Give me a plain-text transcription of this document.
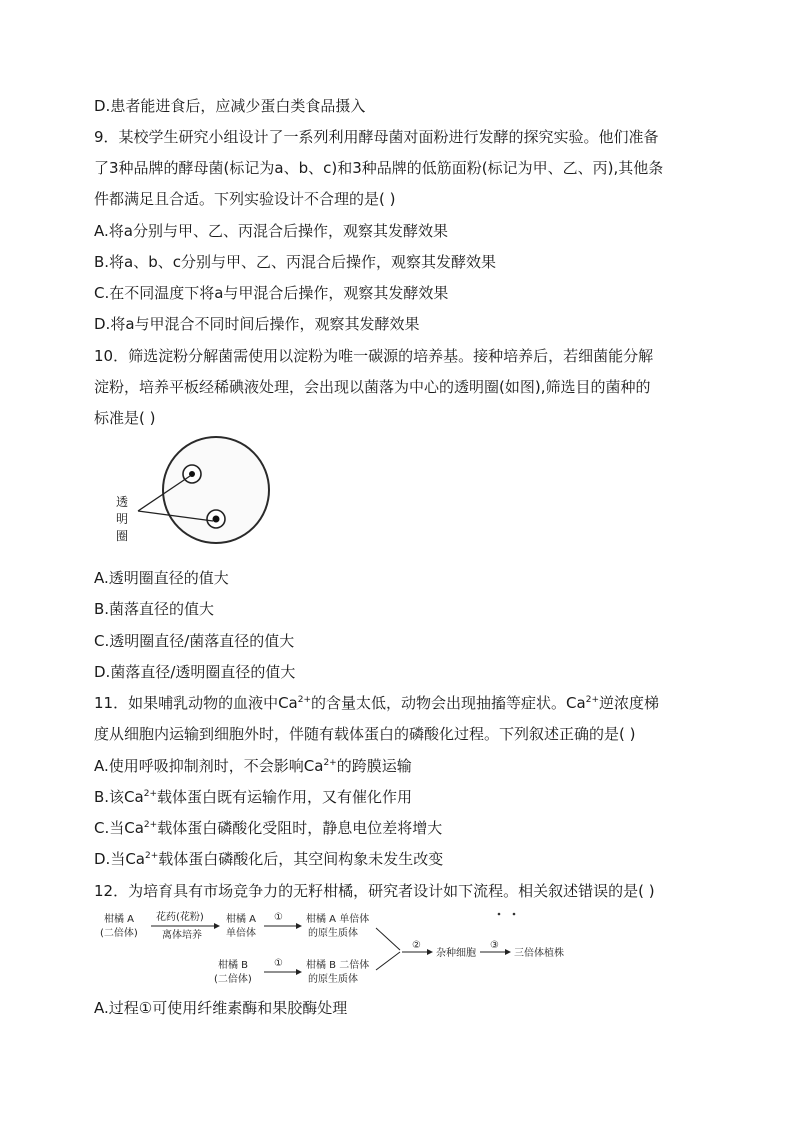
D.患者能进食后，应减少蛋白类食品摄入
9．某校学生研究小组设计了一系列利用酵母菌对面粉进行发酵的探究实验。他们准备
了3种品牌的酵母菌(标记为a、b、c)和3种品牌的低筋面粉(标记为甲、乙、丙),其他条
件都满足且合适。下列实验设计不合理的是( )
A.将a分别与甲、乙、丙混合后操作，观察其发酵效果
B.将a、b、c分别与甲、乙、丙混合后操作，观察其发酵效果
C.在不同温度下将a与甲混合后操作，观察其发酵效果
D.将a与甲混合不同时间后操作，观察其发酵效果
10．筛选淀粉分解菌需使用以淀粉为唯一碳源的培养基。接种培养后，若细菌能分解
淀粉，培养平板经稀碘液处理，会出现以菌落为中心的透明圈(如图),筛选目的菌种的
标准是( )
透
明
圈
A.透明圈直径的值大
B.菌落直径的值大
C.透明圈直径/菌落直径的值大
D.菌落直径/透明圈直径的值大
11．如果哺乳动物的血液中$Ca^{2+}$的含量太低，动物会出现抽搐等症状。$Ca^{2+}$逆浓度梯
度从细胞内运输到细胞外时，伴随有载体蛋白的磷酸化过程。下列叙述正确的是( )
A.使用呼吸抑制剂时，不会影响$Ca^{2+}$的跨膜运输
B.该$Ca^{2+}$载体蛋白既有运输作用，又有催化作用
C.当$Ca^{2+}$载体蛋白磷酸化受阻时，静息电位差将增大
D.当$Ca^{2+}$载体蛋白磷酸化后，其空间构象未发生改变
12．为培育具有市场竞争力的无籽柑橘，研究者设计如下流程。相关叙述错误的是( )
柑橘 A
(二倍体)
花药(花粉)
离体培养
柑橘 A
单倍体
① 柑橘 A 单倍体
的原生质体
②
杂种细胞
③
三倍体植株
柑橘 B
(二倍体)
① 柑橘 B 二倍体
的原生质体
A.过程①可使用纤维素酶和果胶酶处理
